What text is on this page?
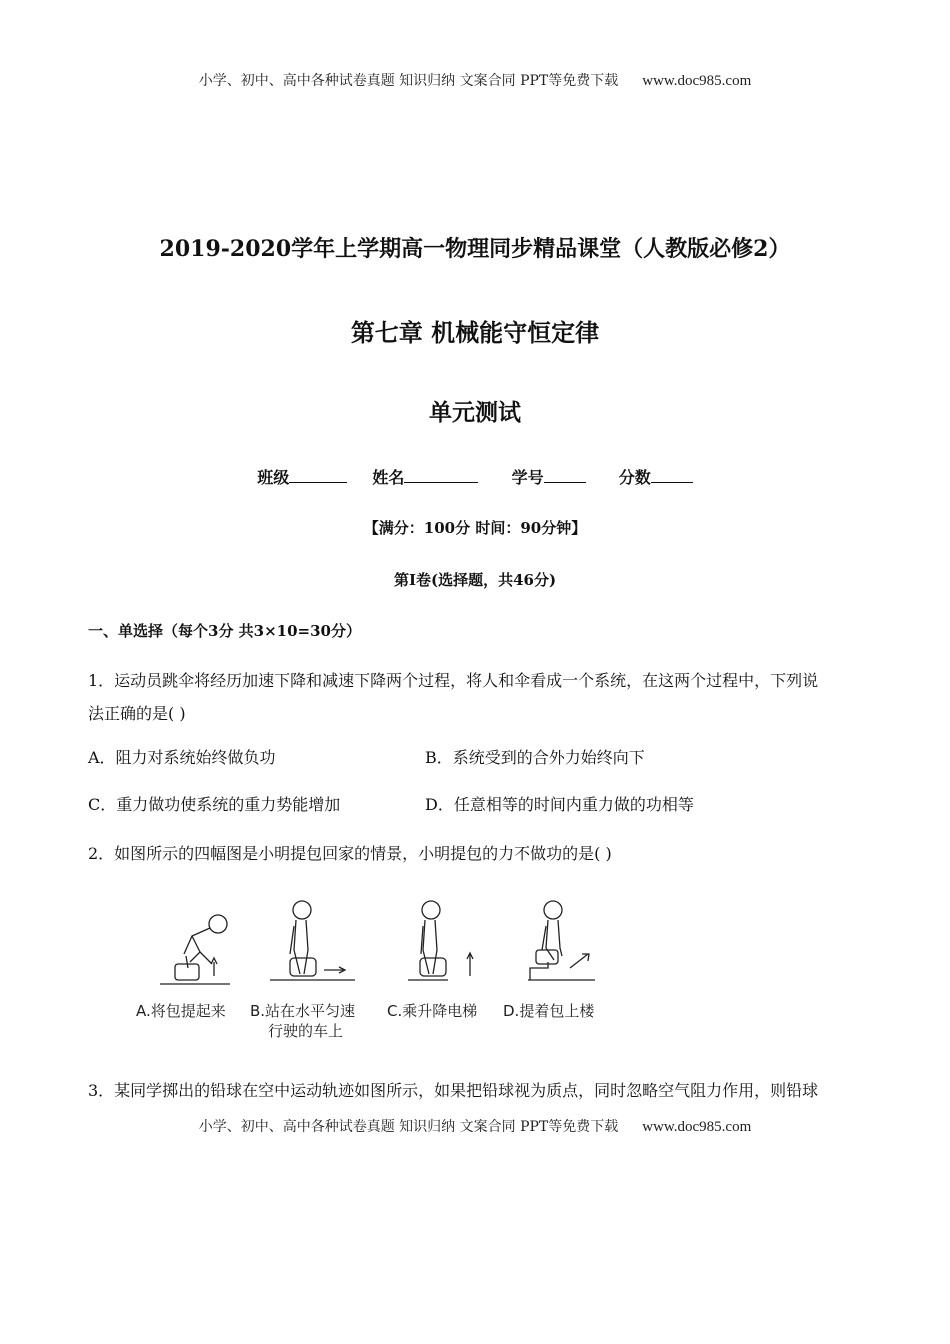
小学、初中、高中各种试卷真题 知识归纳 文案合同 PPT等免费下载 www.doc985.com
2019-2020学年上学期高一物理同步精品课堂（人教版必修2）
第七章 机械能守恒定律
单元测试
班级	姓名	学号	分数
【满分：100分 时间：90分钟】
第Ⅰ卷(选择题，共46分)
一、单选择（每个3分 共3×10=30分）
1．运动员跳伞将经历加速下降和减速下降两个过程，将人和伞看成一个系统，在这两个过程中，下列说
法正确的是( )
A．阻力对系统始终做负功	B．系统受到的合外力始终向下
C．重力做功使系统的重力势能增加	D．任意相等的时间内重力做的功相等
2．如图所示的四幅图是小明提包回家的情景，小明提包的力不做功的是( )
A.将包提起来 B.站在水平匀速
行驶的车上
C.乘升降电梯 D.提着包上楼
3．某同学掷出的铅球在空中运动轨迹如图所示，如果把铅球视为质点，同时忽略空气阻力作用，则铅球
小学、初中、高中各种试卷真题 知识归纳 文案合同 PPT等免费下载 www.doc985.com
